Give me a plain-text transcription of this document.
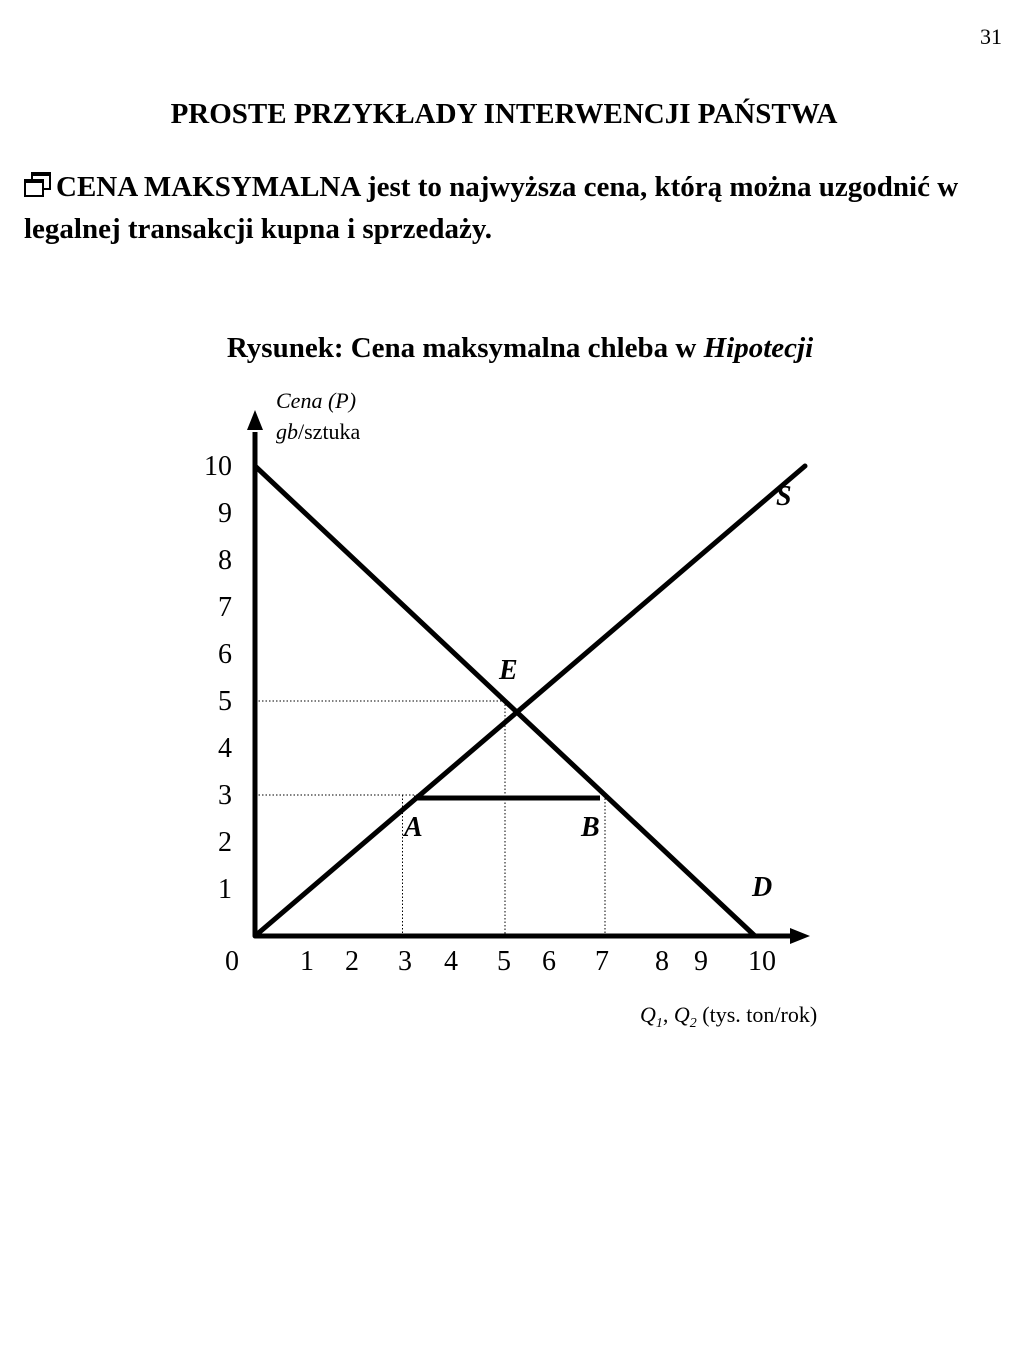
31
PROSTE PRZYKŁADY INTERWENCJI PAŃSTWA
CENA MAKSYMALNA jest to najwyższa cena, którą można uzgodnić w legalnej transakcji kupna i sprzedaży.
Rysunek: Cena maksymalna chleba w Hipotecji
1
2
3
4
5
6
7
8
9
10
1 2 3 4 5 6 7 8 9 10
0
S
D
E
A	B
Cena (P)
gb/sztuka
$Q_1$, $Q_2$ (tys. ton/rok)
